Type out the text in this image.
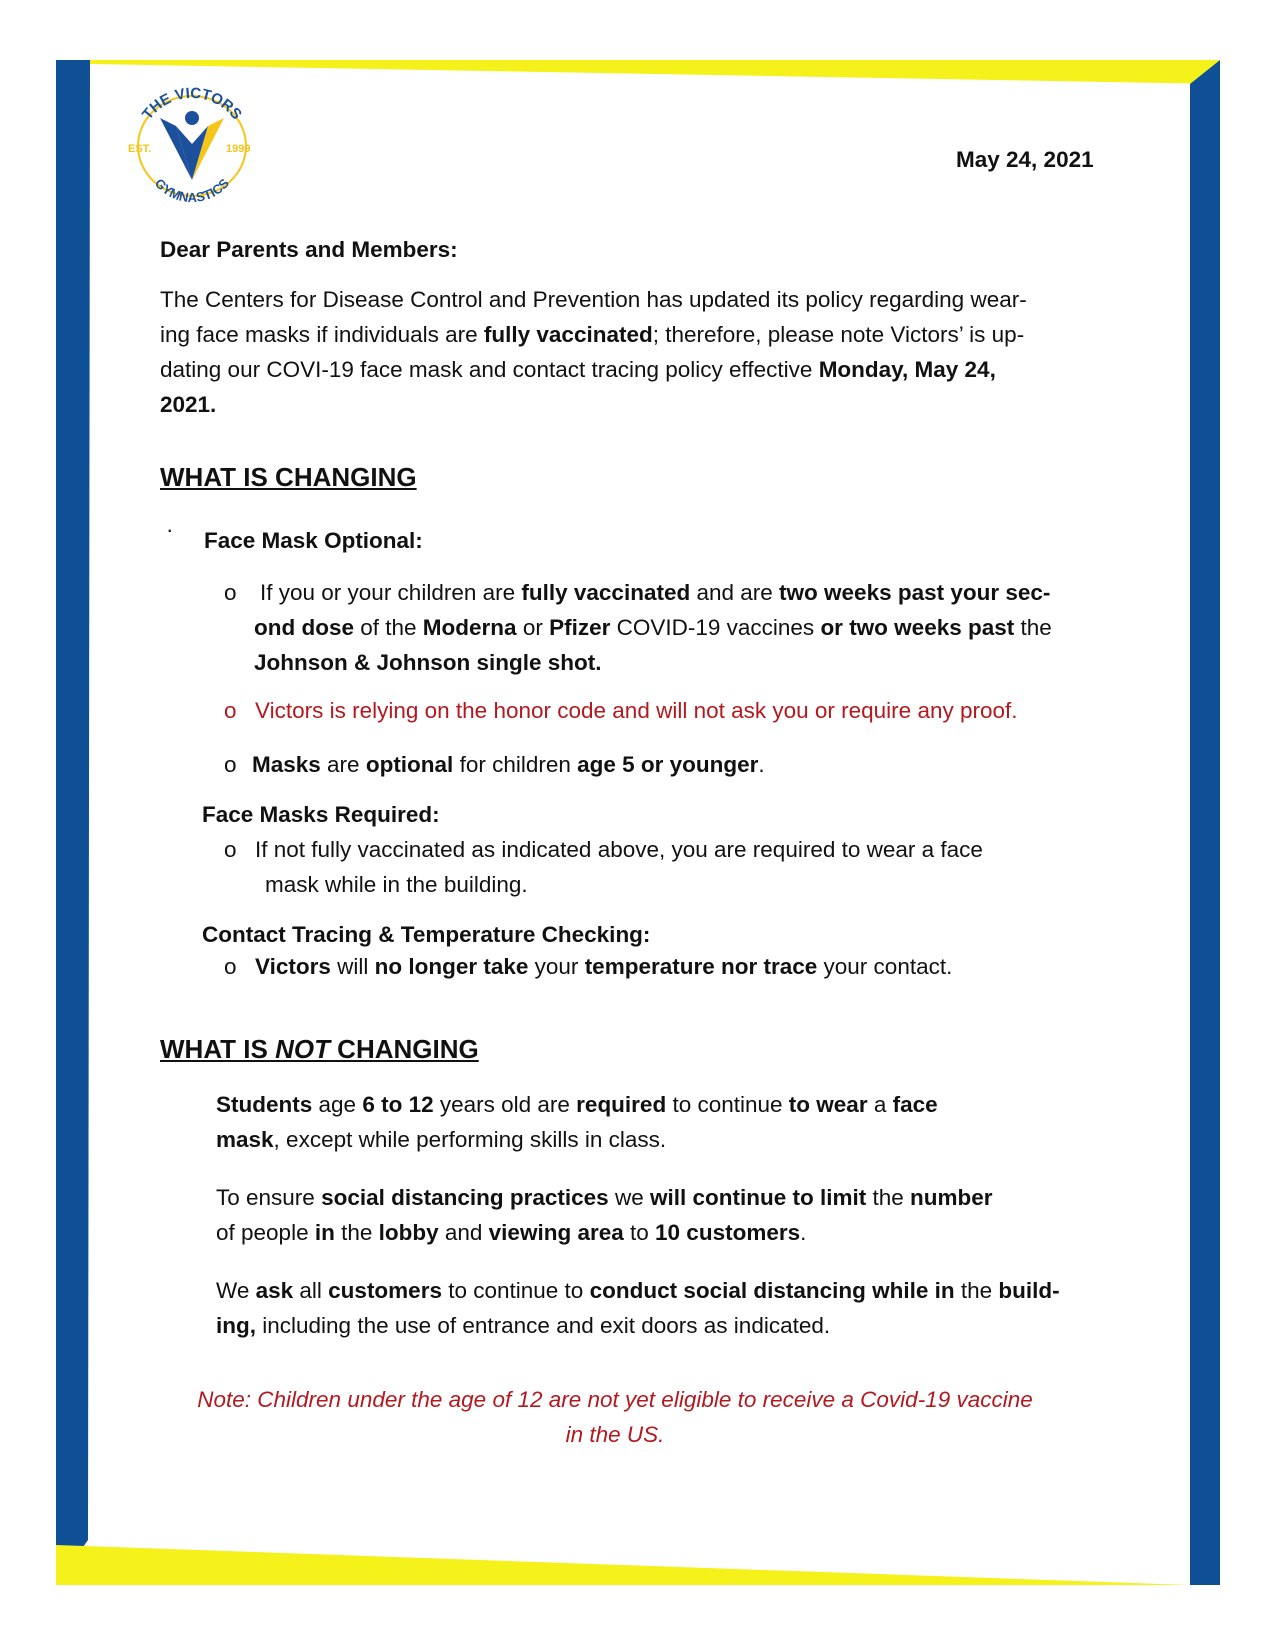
THE VICTORS
GYMNASTICS
EST.	1999	May 24, 2021
Dear Parents and Members:
The Centers for Disease Control and Prevention has updated its policy regarding wear-
ing face masks if individuals are fully vaccinated; therefore, please note Victors’ is up-
dating our COVI-19 face mask and contact tracing policy effective Monday, May 24,
2021.
WHAT IS CHANGING
· Face Mask Optional:
o If you or your children are fully vaccinated and are two weeks past your sec-
ond dose of the Moderna or Pfizer COVID-19 vaccines or two weeks past the
Johnson & Johnson single shot.
o Victors is relying on the honor code and will not ask you or require any proof.
o Masks are optional for children age 5 or younger.
Face Masks Required:
o If not fully vaccinated as indicated above, you are required to wear a face
mask while in the building.
Contact Tracing & Temperature Checking:
o Victors will no longer take your temperature nor trace your contact.
WHAT IS NOT CHANGING
Students age 6 to 12 years old are required to continue to wear a face
mask, except while performing skills in class.
To ensure social distancing practices we will continue to limit the number
of people in the lobby and viewing area to 10 customers.
We ask all customers to continue to conduct social distancing while in the build-
ing, including the use of entrance and exit doors as indicated.
Note: Children under the age of 12 are not yet eligible to receive a Covid-19 vaccine
in the US.
